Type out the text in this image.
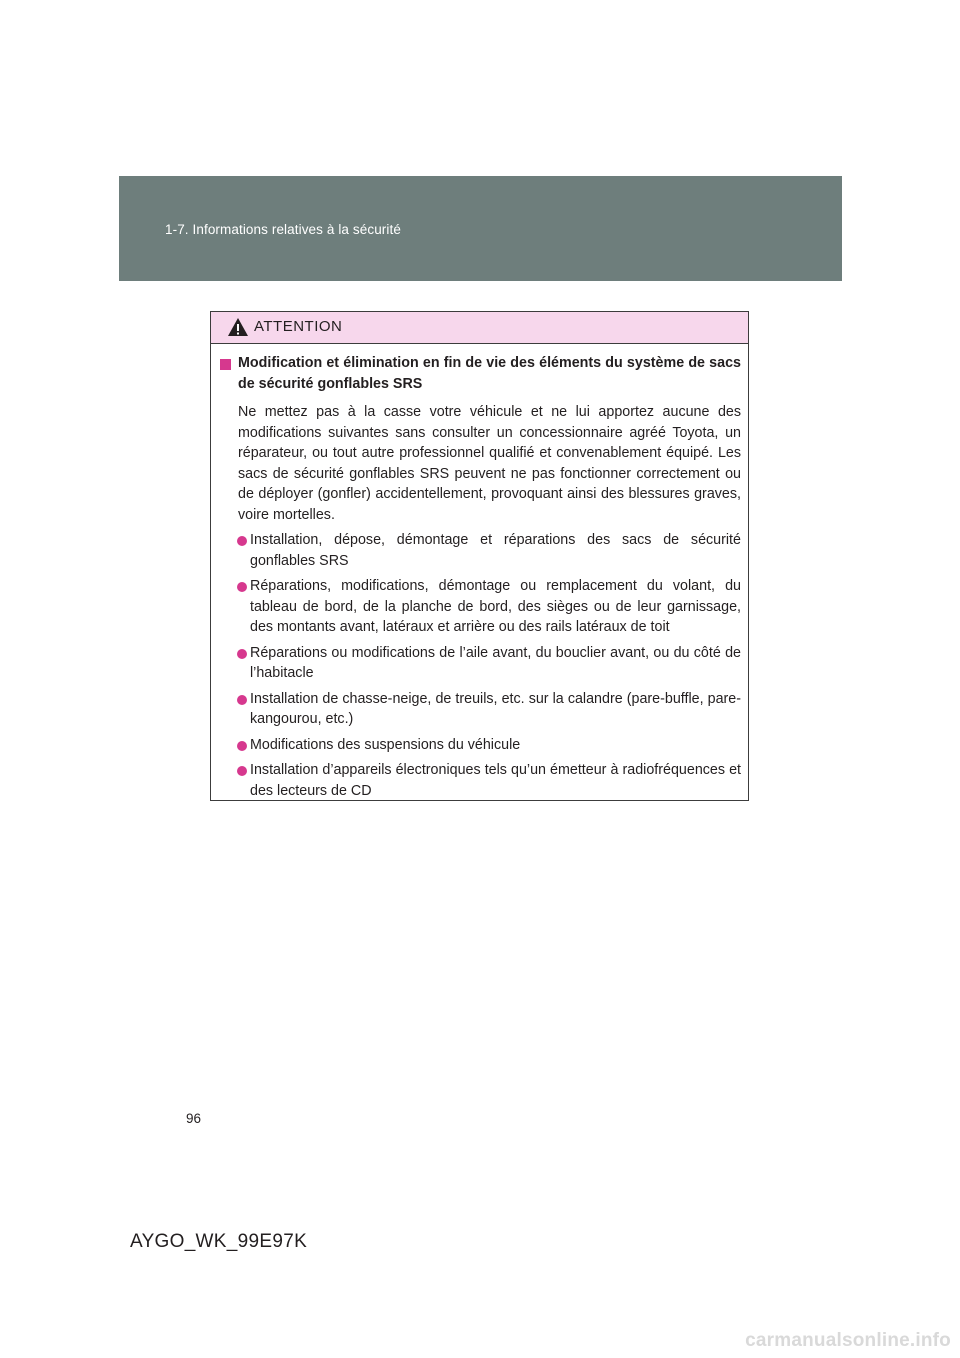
1-7. Informations relatives à la sécurité
ATTENTION
Modification et élimination en fin de vie des éléments du système de sacs de sécurité gonflables SRS
Ne mettez pas à la casse votre véhicule et ne lui apportez aucune des modifications suivantes sans consulter un concessionnaire agréé Toyota, un réparateur, ou tout autre professionnel qualifié et convenablement équipé. Les sacs de sécurité gonflables SRS peuvent ne pas fonctionner correctement ou de déployer (gonfler) accidentellement, provoquant ainsi des blessures graves, voire mortelles.
Installation, dépose, démontage et réparations des sacs de sécurité gonflables SRS
Réparations, modifications, démontage ou remplacement du volant, du tableau de bord, de la planche de bord, des sièges ou de leur garnissage, des montants avant, latéraux et arrière ou des rails latéraux de toit
Réparations ou modifications de l’aile avant, du bouclier avant, ou du côté de l’habitacle
Installation de chasse-neige, de treuils, etc. sur la calandre (pare-buffle, pare-kangourou, etc.)
Modifications des suspensions du véhicule
Installation d’appareils électroniques tels qu’un émetteur à radiofréquences et des lecteurs de CD
96
AYGO_WK_99E97K
carmanualsonline.info
